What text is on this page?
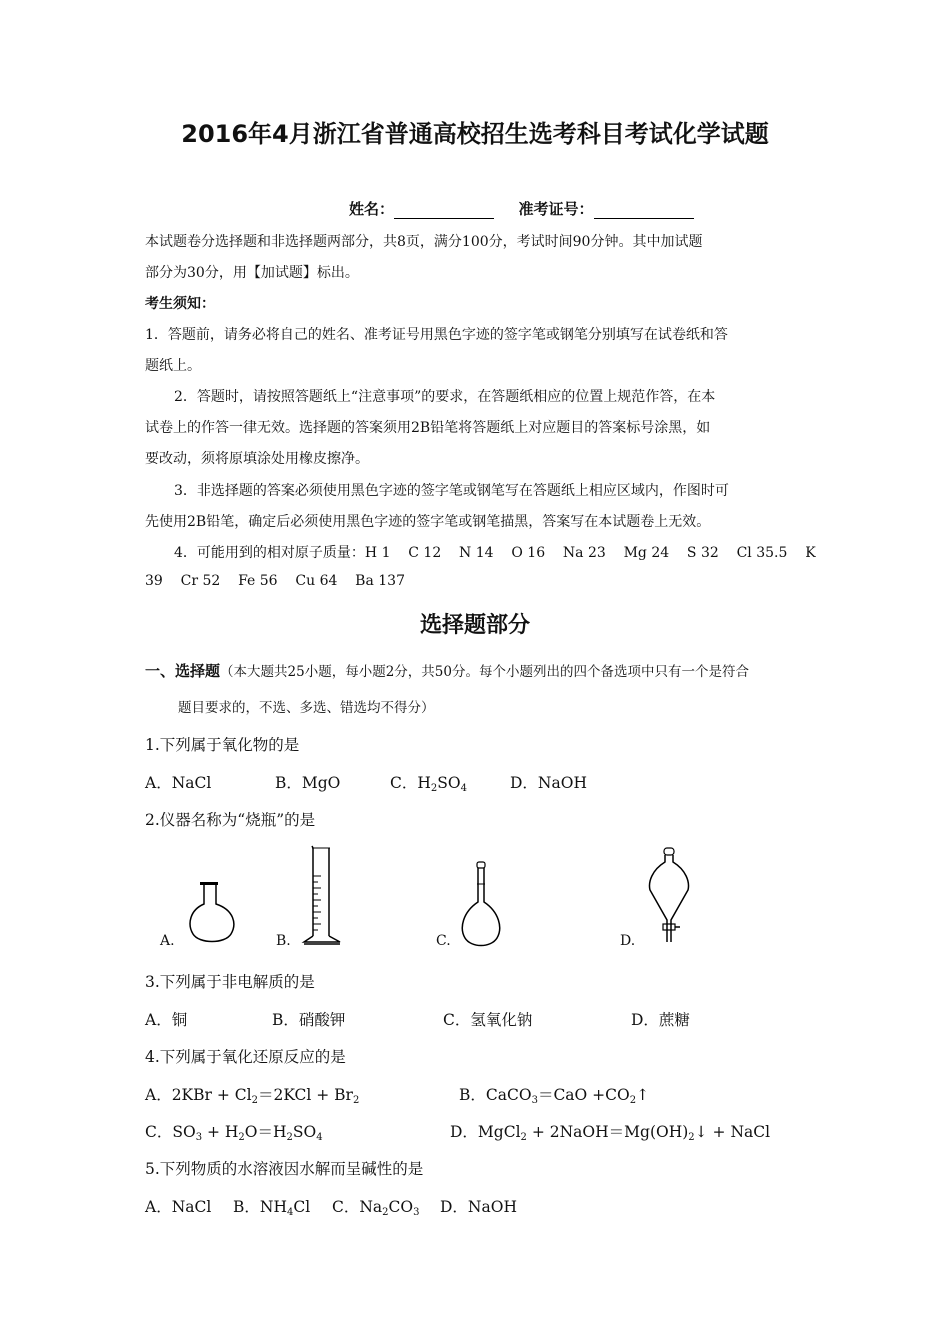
2016年4月浙江省普通高校招生选考科目考试化学试题
姓名：	准考证号：
本试题卷分选择题和非选择题两部分，共8页，满分100分，考试时间90分钟。其中加试题
部分为30分，用【加试题】标出。
考生须知：
1．答题前，请务必将自己的姓名、准考证号用黑色字迹的签字笔或钢笔分别填写在试卷纸和答
题纸上。
2．答题时，请按照答题纸上“注意事项”的要求，在答题纸相应的位置上规范作答，在本
试卷上的作答一律无效。选择题的答案须用2B铅笔将答题纸上对应题目的答案标号涂黑，如
要改动，须将原填涂处用橡皮擦净。
3．非选择题的答案必须使用黑色字迹的签字笔或钢笔写在答题纸上相应区域内，作图时可
先使用2B铅笔，确定后必须使用黑色字迹的签字笔或钢笔描黑，答案写在本试题卷上无效。
4．可能用到的相对原子质量：H 1    C 12    N 14    O 16    Na 23    Mg 24    S 32    Cl 35.5    K
39    Cr 52    Fe 56    Cu 64    Ba 137
选择题部分
一、选择题（本大题共25小题，每小题2分，共50分。每个小题列出的四个备选项中只有一个是符合
题目要求的，不选、多选、错选均不得分）
1.下列属于氧化物的是
A．NaCl	B．MgO	C．$H_2SO_4$	D．NaOH
2.仪器名称为“烧瓶”的是
A.	B.	C.	D.
3.下列属于非电解质的是
A．铜	B．硝酸钾	C．氢氧化钠	D．蔗糖
4.下列属于氧化还原反应的是
A．$2KBr + Cl_2=2KCl + Br_2$	B．CaCO$_3$＝CaO $+CO_2↑$
C．$SO_3 + H_2O=H_2SO_4$	D．MgCl$_2$ + $2NaOH=Mg(OH)_2↓$ + NaCl
5.下列物质的水溶液因水解而呈碱性的是
A．NaCl B．$NH_4Cl$ C．$Na_2CO_3$ D．NaOH
